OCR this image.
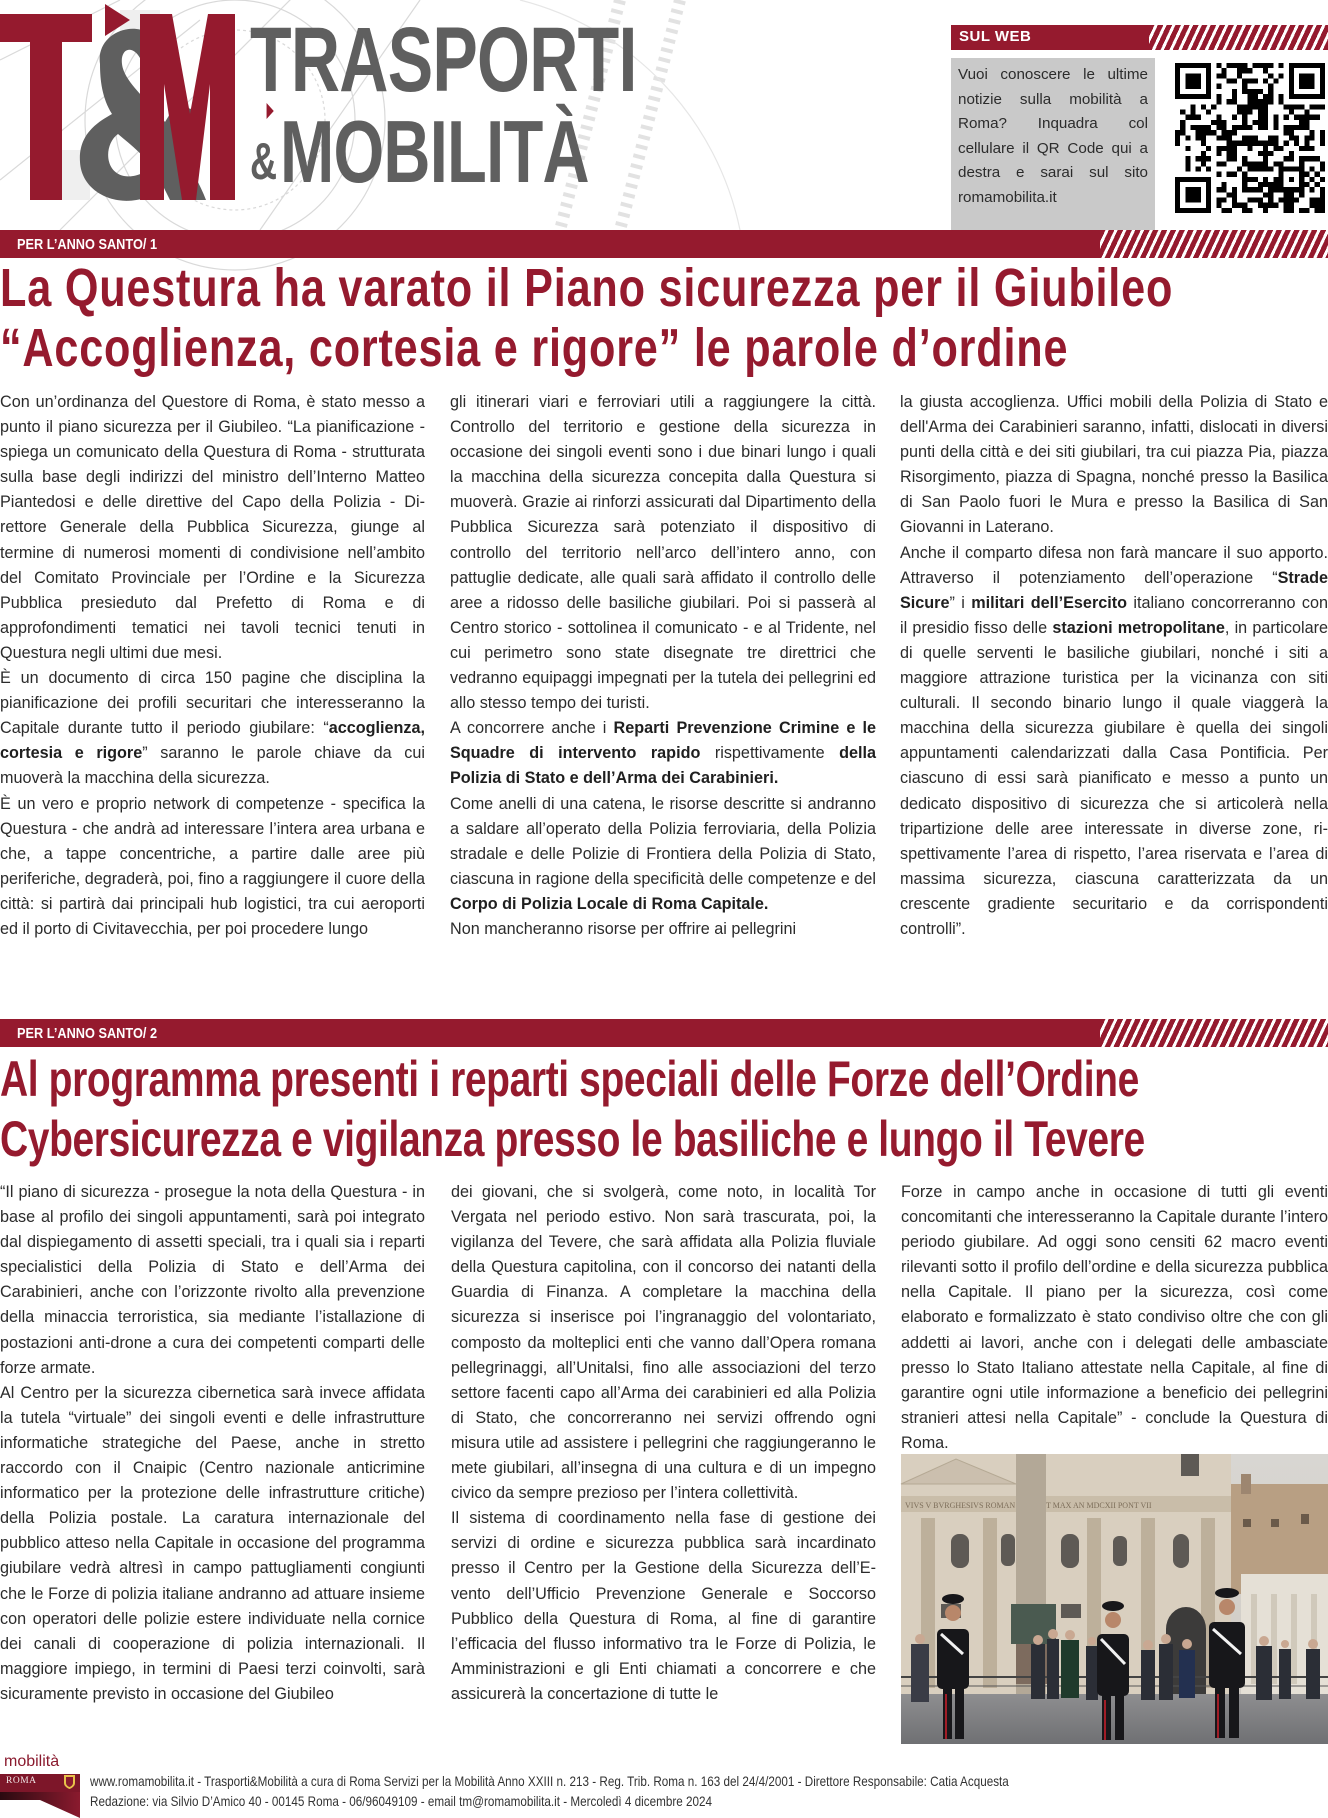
TRASPORTI
& MOBILITÀ
SUL WEB
Vuoi conoscere le ultime notizie sulla mobilità a Roma? Inquadra col cellulare il QR Code qui a destra e sarai sul sito romamobilita.it
PER L’ANNO SANTO/ 1
La Questura ha varato il Piano sicurezza per il Giubileo
“Accoglienza, cortesia e rigore” le parole d’ordine

Con un’ordinanza del Questore di Roma, è stato messo a punto il piano sicurezza per il Giubileo. “La pianificazione - spiega un comunicato della Questura di Roma - strutturata sulla base degli indirizzi del ministro dell’Interno Matteo Piantedosi e delle direttive del Capo della Polizia - Direttore Generale della Pubblica Sicurezza, giunge al termine di numerosi momenti di condivisione nell’ambito del Comitato Provinciale per l’Ordine e la Sicurezza Pubblica presieduto dal Prefetto di Roma e di approfondimenti tematici nei tavoli tecnici tenuti in Questura negli ultimi due mesi.

È un documento di circa 150 pagine che disciplina la pianificazione dei profili securitari che interesseranno la Capitale durante tutto il periodo giubilare: “accoglienza, cortesia e rigore” saranno le parole chiave da cui muoverà la macchina della sicurezza.

È un vero e proprio network di competenze - specifica la Questura - che andrà ad interessare l’intera area urbana e che, a tappe concentriche, a partire dalle aree più periferiche, degraderà, poi, fino a raggiungere il cuore della città: si partirà dai principali hub logistici, tra cui aeroporti ed il porto di Civitavecchia, per poi procedere lungo

gli itinerari viari e ferroviari utili a raggiungere la città. Controllo del territorio e gestione della sicurezza in occasione dei singoli eventi sono i due binari lungo i quali la macchina della sicurezza concepita dalla Questura si muoverà. Grazie ai rinforzi assicurati dal Dipartimento della Pubblica Sicurezza sarà potenziato il dispositivo di controllo del territorio nell’arco dell’intero anno, con pattuglie dedicate, alle quali sarà affidato il controllo delle aree a ridosso delle basiliche giubilari. Poi si passerà al Centro storico - sottolinea il comunicato - e al Tridente, nel cui perimetro sono state disegnate tre direttrici che vedranno equipaggi impegnati per la tutela dei pellegrini ed allo stesso tempo dei turisti.

A concorrere anche i Reparti Prevenzione Crimine e le Squadre di intervento rapido rispettivamente della Polizia di Stato e dell’Arma dei Carabinieri.

Come anelli di una catena, le risorse descritte si andranno a saldare all’operato della Polizia ferroviaria, della Polizia stradale e delle Polizie di Frontiera della Polizia di Stato, ciascuna in ragione della specificità delle competenze e del Corpo di Polizia Locale di Roma Capitale.

Non mancheranno risorse per offrire ai pellegrini

la giusta accoglienza. Uffici mobili della Polizia di Stato e dell'Arma dei Carabinieri saranno, infatti, dislocati in diversi punti della città e dei siti giubilari, tra cui piazza Pia, piazza Risorgimento, piazza di Spagna, nonché presso la Basilica di San Paolo fuori le Mura e presso la Basilica di San Giovanni in Laterano.

Anche il comparto difesa non farà mancare il suo apporto. Attraverso il potenziamento dell’operazione “Strade Sicure” i militari dell’Esercito italiano concorreranno con il presidio fisso delle stazioni metropolitane, in particolare di quelle serventi le basiliche giubilari, nonché i siti a maggiore attrazione turistica per la vicinanza con siti culturali. Il secondo binario lungo il quale viaggerà la macchina della sicurezza giubilare è quella dei singoli appuntamenti calendarizzati dalla Casa Pontificia. Per ciascuno di essi sarà pianificato e messo a punto un dedicato dispositivo di sicurezza che si articolerà nella tripartizione delle aree interessate in diverse zone, rispettivamente l’area di rispetto, l’area riservata e l’area di massima sicurezza, ciascuna caratterizzata da un crescente gradiente securitario e da corrispondenti controlli”.

PER L’ANNO SANTO/ 2
Al programma presenti i reparti speciali delle Forze dell’Ordine
Cybersicurezza e vigilanza presso le basiliche e lungo il Tevere

“Il piano di sicurezza - prosegue la nota della Questura - in base al profilo dei singoli appuntamenti, sarà poi integrato dal dispiegamento di assetti speciali, tra i quali sia i reparti specialistici della Polizia di Stato e dell’Arma dei Carabinieri, anche con l’orizzonte rivolto alla prevenzione della minaccia terroristica, sia mediante l’istallazione di postazioni anti-drone a cura dei competenti comparti delle forze armate.

Al Centro per la sicurezza cibernetica sarà invece affidata la tutela “virtuale” dei singoli eventi e delle infrastrutture informatiche strategiche del Paese, anche in stretto raccordo con il Cnaipic (Centro nazionale anticrimine informatico per la protezione delle infrastrutture critiche) della Polizia postale. La caratura internazionale del pubblico atteso nella Capitale in occasione del programma giubilare vedrà altresì in campo pattugliamenti congiunti che le Forze di polizia italiane andranno ad attuare insieme con operatori delle polizie estere individuate nella cornice dei canali di cooperazione di polizia internazionali. Il maggiore impiego, in termini di Paesi terzi coinvolti, sarà sicuramente previsto in occasione del Giubileo

dei giovani, che si svolgerà, come noto, in località Tor Vergata nel periodo estivo. Non sarà trascurata, poi, la vigilanza del Tevere, che sarà affidata alla Polizia fluviale della Questura capitolina, con il concorso dei natanti della Guardia di Finanza. A completare la macchina della sicurezza si inserisce poi l’ingranaggio del volontariato, composto da molteplici enti che vanno dall’Opera romana pellegrinaggi, all’Unitalsi, fino alle associazioni del terzo settore facenti capo all’Arma dei carabinieri ed alla Polizia di Stato, che concorreranno nei servizi offrendo ogni misura utile ad assistere i pellegrini che raggiungeranno le mete giubilari, all’insegna di una cultura e di un impegno civico da sempre prezioso per l’intera collettività.

Il sistema di coordinamento nella fase di gestione dei servizi di ordine e sicurezza pubblica sarà incardinato presso il Centro per la Gestione della Sicurezza dell’Evento dell’Ufficio Prevenzione Generale e Soccorso Pubblico della Questura di Roma, al fine di garantire l’efficacia del flusso informativo tra le Forze di Polizia, le Amministrazioni e gli Enti chiamati a concorrere e che assicurerà la concertazione di tutte le

Forze in campo anche in occasione di tutti gli eventi concomitanti che interesseranno la Capitale durante l’intero periodo giubilare. Ad oggi sono censiti 62 macro eventi rilevanti sotto il profilo dell’ordine e della sicurezza pubblica nella Capitale. Il piano per la sicurezza, così come elaborato e formalizzato è stato condiviso oltre che con gli addetti ai lavori, anche con i delegati delle ambasciate presso lo Stato Italiano attestate nella Capitale, al fine di garantire ogni utile informazione a beneficio dei pellegrini stranieri attesi nella Capitale” - conclude la Questura di Roma.

VIVS V BVRGHESIVS ROMAN	T MAX AN MDCXII PONT VII
mobilità
ROMA	www.romamobilita.it - Trasporti&Mobilità a cura di Roma Servizi per la Mobilità Anno XXIII n. 213 - Reg. Trib. Roma n. 163 del 24/4/2001 - Direttore Responsabile: Catia Acquesta
Redazione: via Silvio D’Amico 40 - 00145 Roma - 06/96049109 - email tm@romamobilita.it - Mercoledì 4 dicembre 2024
